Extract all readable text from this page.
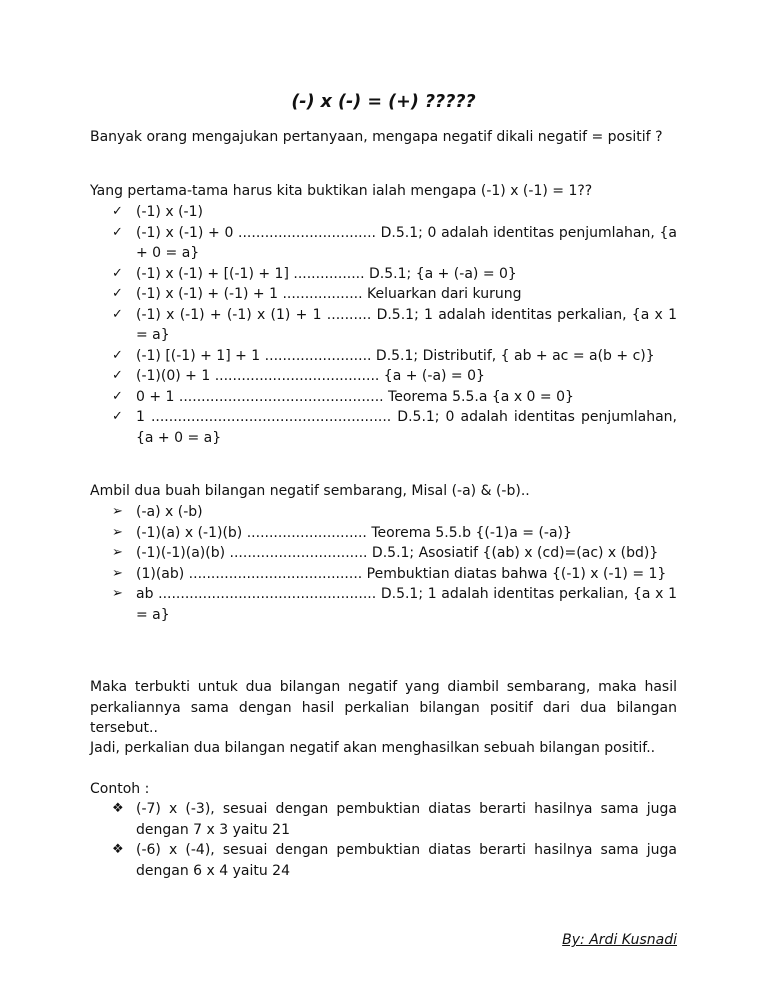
(-) x (-) = (+) ?????

Banyak orang mengajukan pertanyaan, mengapa negatif dikali negatif = positif ?

Yang pertama-tama harus kita buktikan ialah mengapa (-1) x (-1) = 1??

✓ (-1) x (-1)
✓ (-1) x (-1) + 0 ............................... D.5.1; 0 adalah identitas penjumlahan, {a + 0 = a}
✓ (-1) x (-1) + [(-1) + 1] ................ D.5.1; {a + (-a) = 0}
✓ (-1) x (-1) + (-1) + 1 .................. Keluarkan dari kurung
✓ (-1) x (-1) + (-1) x (1) + 1 .......... D.5.1; 1 adalah identitas perkalian, {a x 1 = a}
✓ (-1) [(-1) + 1] + 1 ........................ D.5.1; Distributif, { ab + ac = a(b + c)}
✓ (-1)(0) + 1 ..................................... {a + (-a) = 0}
✓ 0 + 1 .............................................. Teorema 5.5.a {a x 0 = 0}
✓ 1 ...................................................... D.5.1; 0 adalah identitas penjumlahan, {a + 0 = a}

Ambil dua buah bilangan negatif sembarang, Misal (-a) & (-b)..

➢ (-a) x (-b)
➢ (-1)(a) x (-1)(b) ........................... Teorema 5.5.b {(-1)a = (-a)}
➢ (-1)(-1)(a)(b) ............................... D.5.1; Asosiatif {(ab) x (cd)=(ac) x (bd)}
➢ (1)(ab) ....................................... Pembuktian diatas bahwa {(-1) x (-1) = 1}
➢ ab ................................................. D.5.1; 1 adalah identitas perkalian, {a x 1 = a}

Maka terbukti untuk dua bilangan negatif yang diambil sembarang, maka hasil perkaliannya sama dengan hasil perkalian bilangan positif dari dua bilangan tersebut..

Jadi, perkalian dua bilangan negatif akan menghasilkan sebuah bilangan positif..

Contoh :

❖ (-7) x (-3), sesuai dengan pembuktian diatas berarti hasilnya sama juga dengan 7 x 3 yaitu 21
❖ (-6) x (-4), sesuai dengan pembuktian diatas berarti hasilnya sama juga dengan 6 x 4 yaitu 24
By: Ardi Kusnadi
